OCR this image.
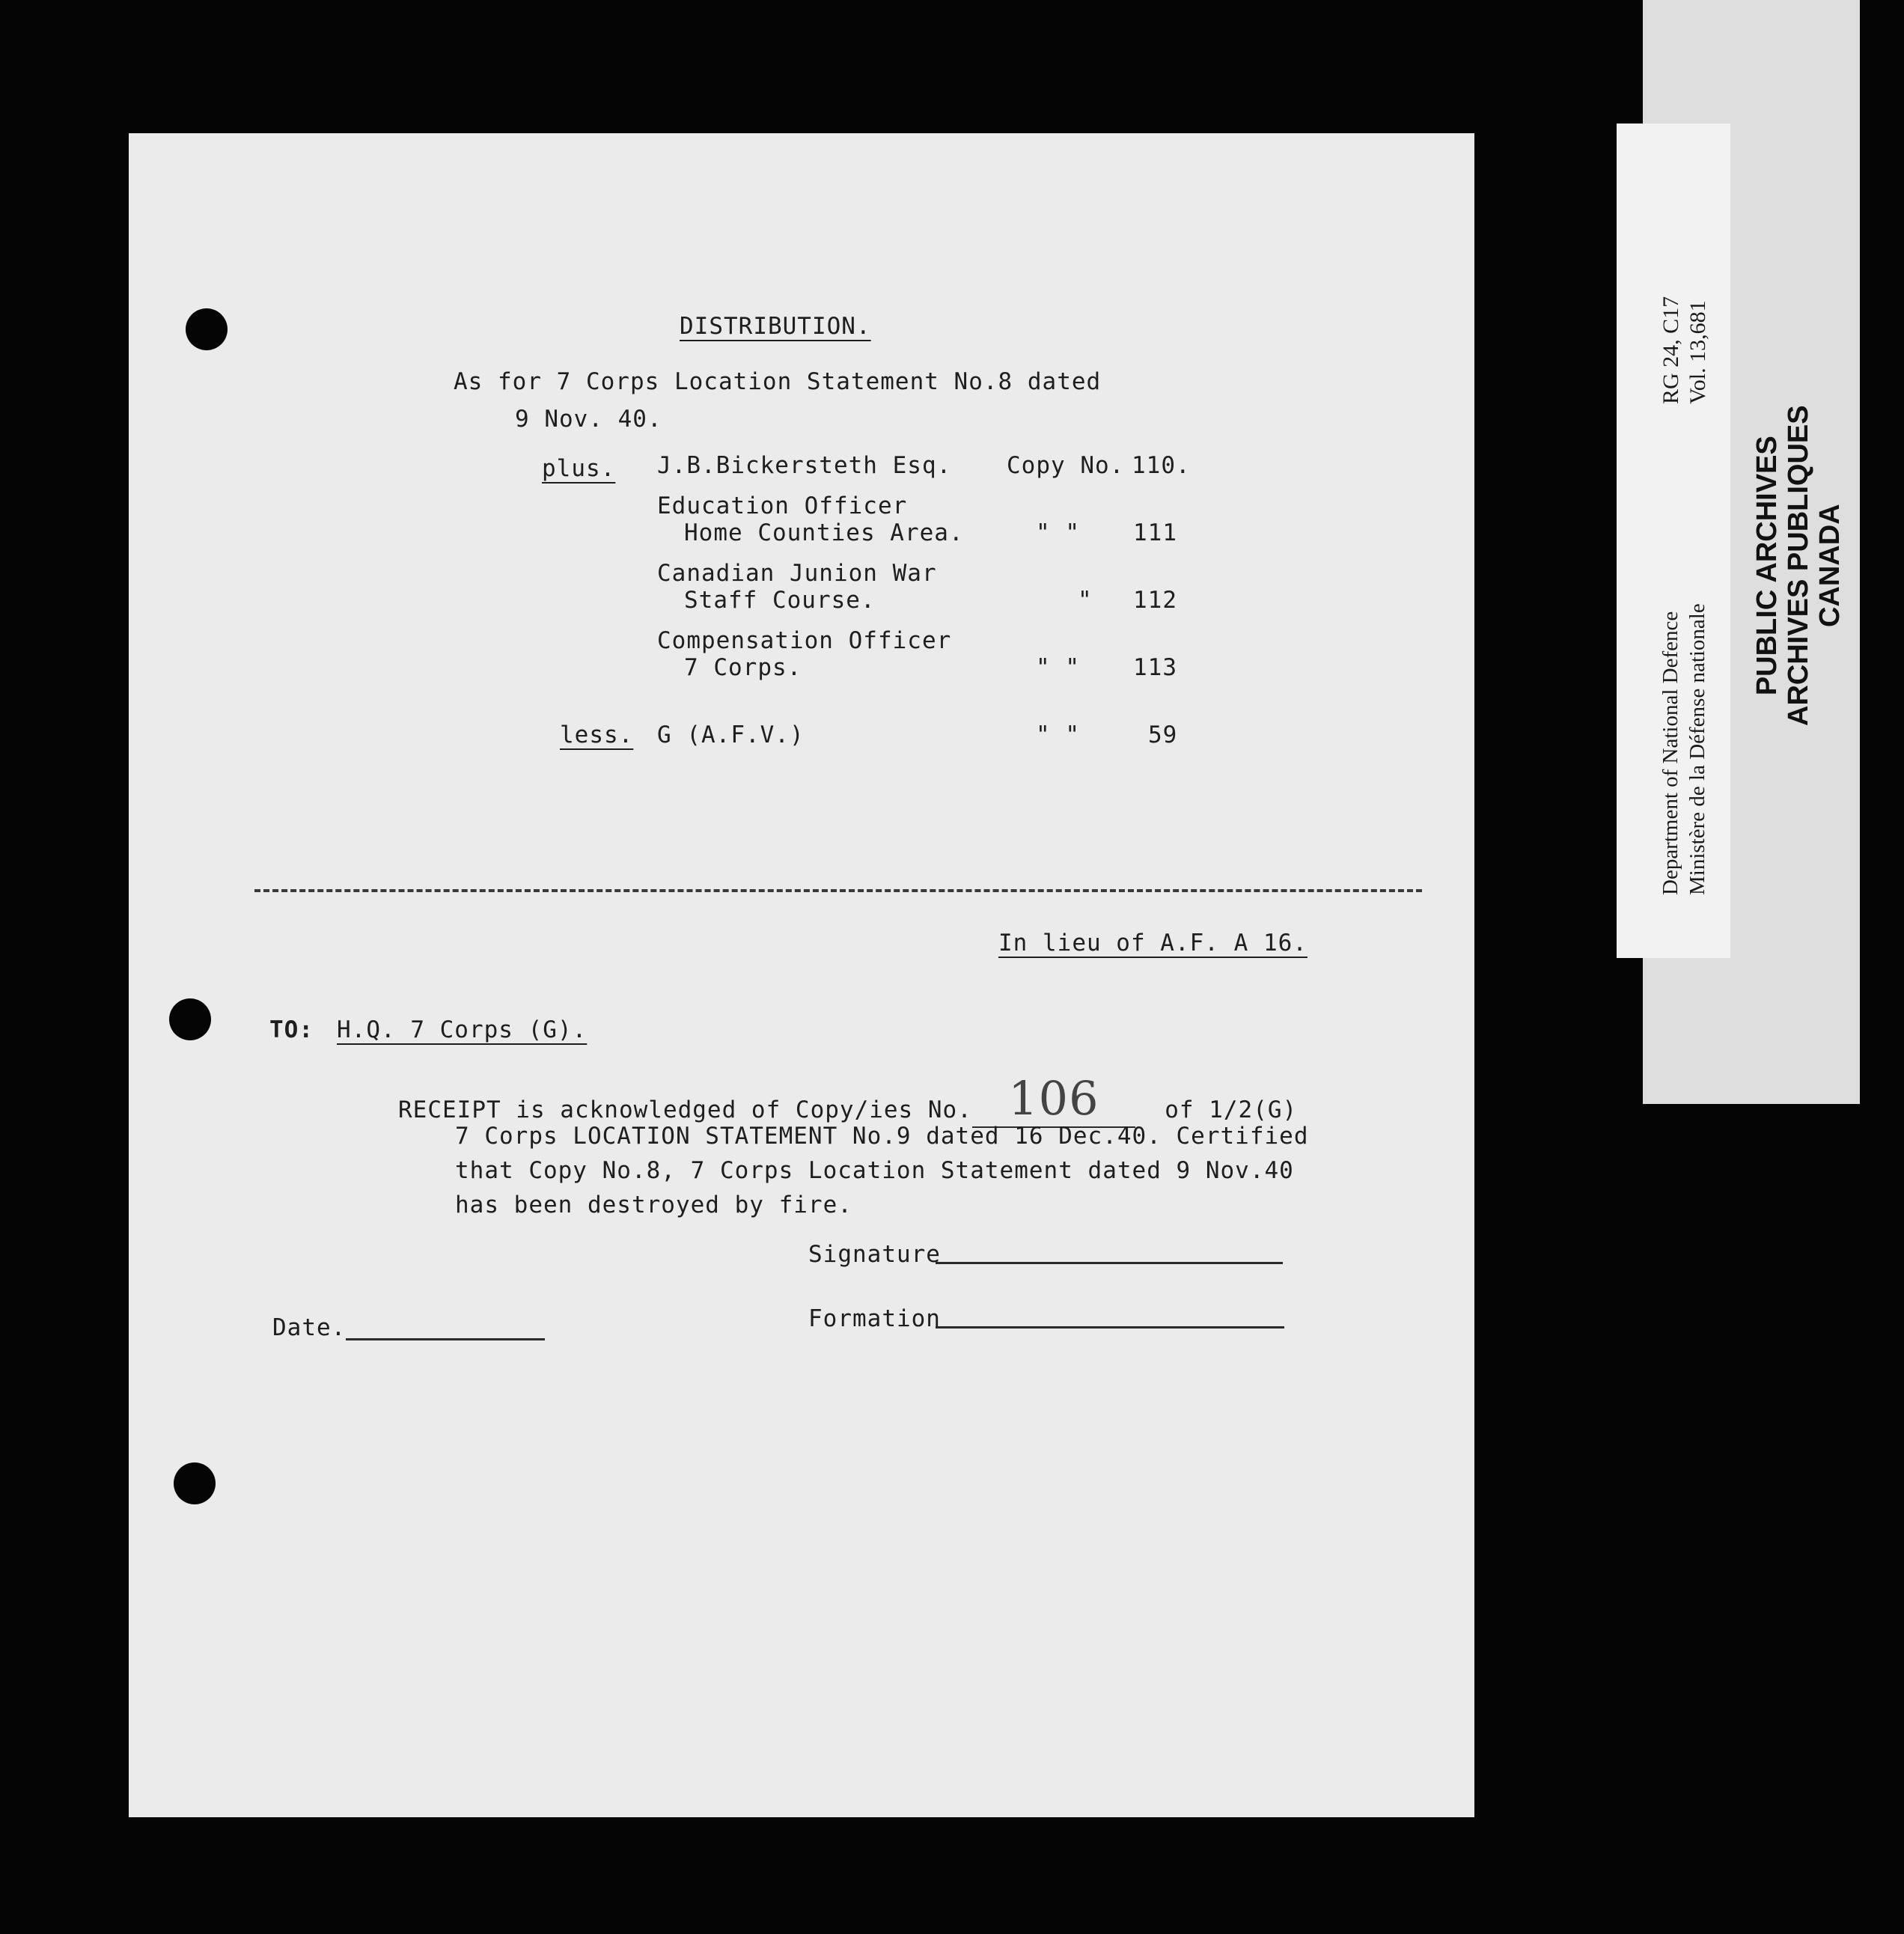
DISTRIBUTION.
As for 7 Corps Location Statement No.8 dated
9 Nov. 40.
plus. J.B.Bickersteth Esq. Copy No. 110.
Education Officer
Home Counties Area.	" " 111
Canadian Junion War
Staff Course.	" 112
Compensation Officer
7 Corps.	" " 113
less. G (A.F.V.)	" "	59
In lieu of A.F. A 16.
TO: H.Q. 7 Corps (G).
RECEIPT is acknowledged of Copy/ies No. 106	of 1/2(G)
7 Corps LOCATION STATEMENT No.9 dated 16 Dec.40. Certified
that Copy No.8, 7 Corps Location Statement dated 9 Nov.40
has been destroyed by fire.
Signature
Formation
Date.
RG 24, C17 Vol. 13,681
Department of National Defence Ministère de la Défense nationale
PUBLIC ARCHIVES ARCHIVES PUBLIQUES CANADA
